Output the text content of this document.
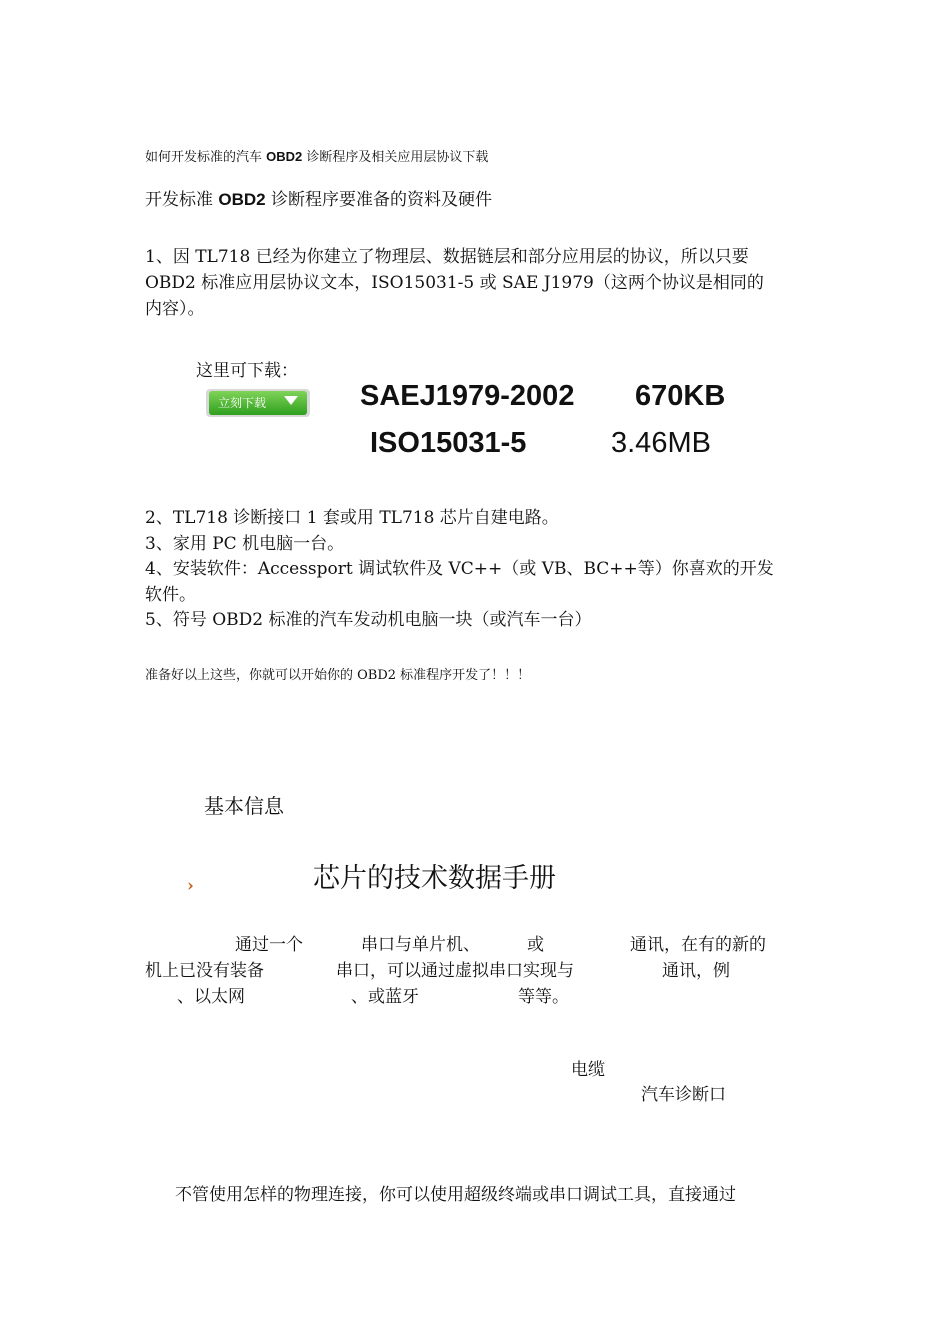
如何开发标准的汽车 OBD2 诊断程序及相关应用层协议下载
开发标准 OBD2 诊断程序要准备的资料及硬件
1、因 TL718 已经为你建立了物理层、数据链层和部分应用层的协议，所以只要
OBD2 标准应用层协议文本，ISO15031-5 或 SAE J1979（这两个协议是相同的
内容）。
这里可下载：
立刻下载	SAEJ1979-2002 670KB
ISO15031-5	3.46MB
2、TL718 诊断接口 1 套或用 TL718 芯片自建电路。
3、家用 PC 机电脑一台。
4、安装软件：Accessport 调试软件及 VC++（或 VB、BC++等）你喜欢的开发
软件。
5、符号 OBD2 标准的汽车发动机电脑一块（或汽车一台）
准备好以上这些，你就可以开始你的 OBD2 标准程序开发了！！！
基本信息
›	芯片的技术数据手册
通过一个	串口与单片机、	或	通讯，在有的新的
机上已没有装备	串口，可以通过虚拟串口实现与	通讯，例
、以太网	、或蓝牙	等等。
电缆
汽车诊断口
不管使用怎样的物理连接，你可以使用超级终端或串口调试工具，直接通过
